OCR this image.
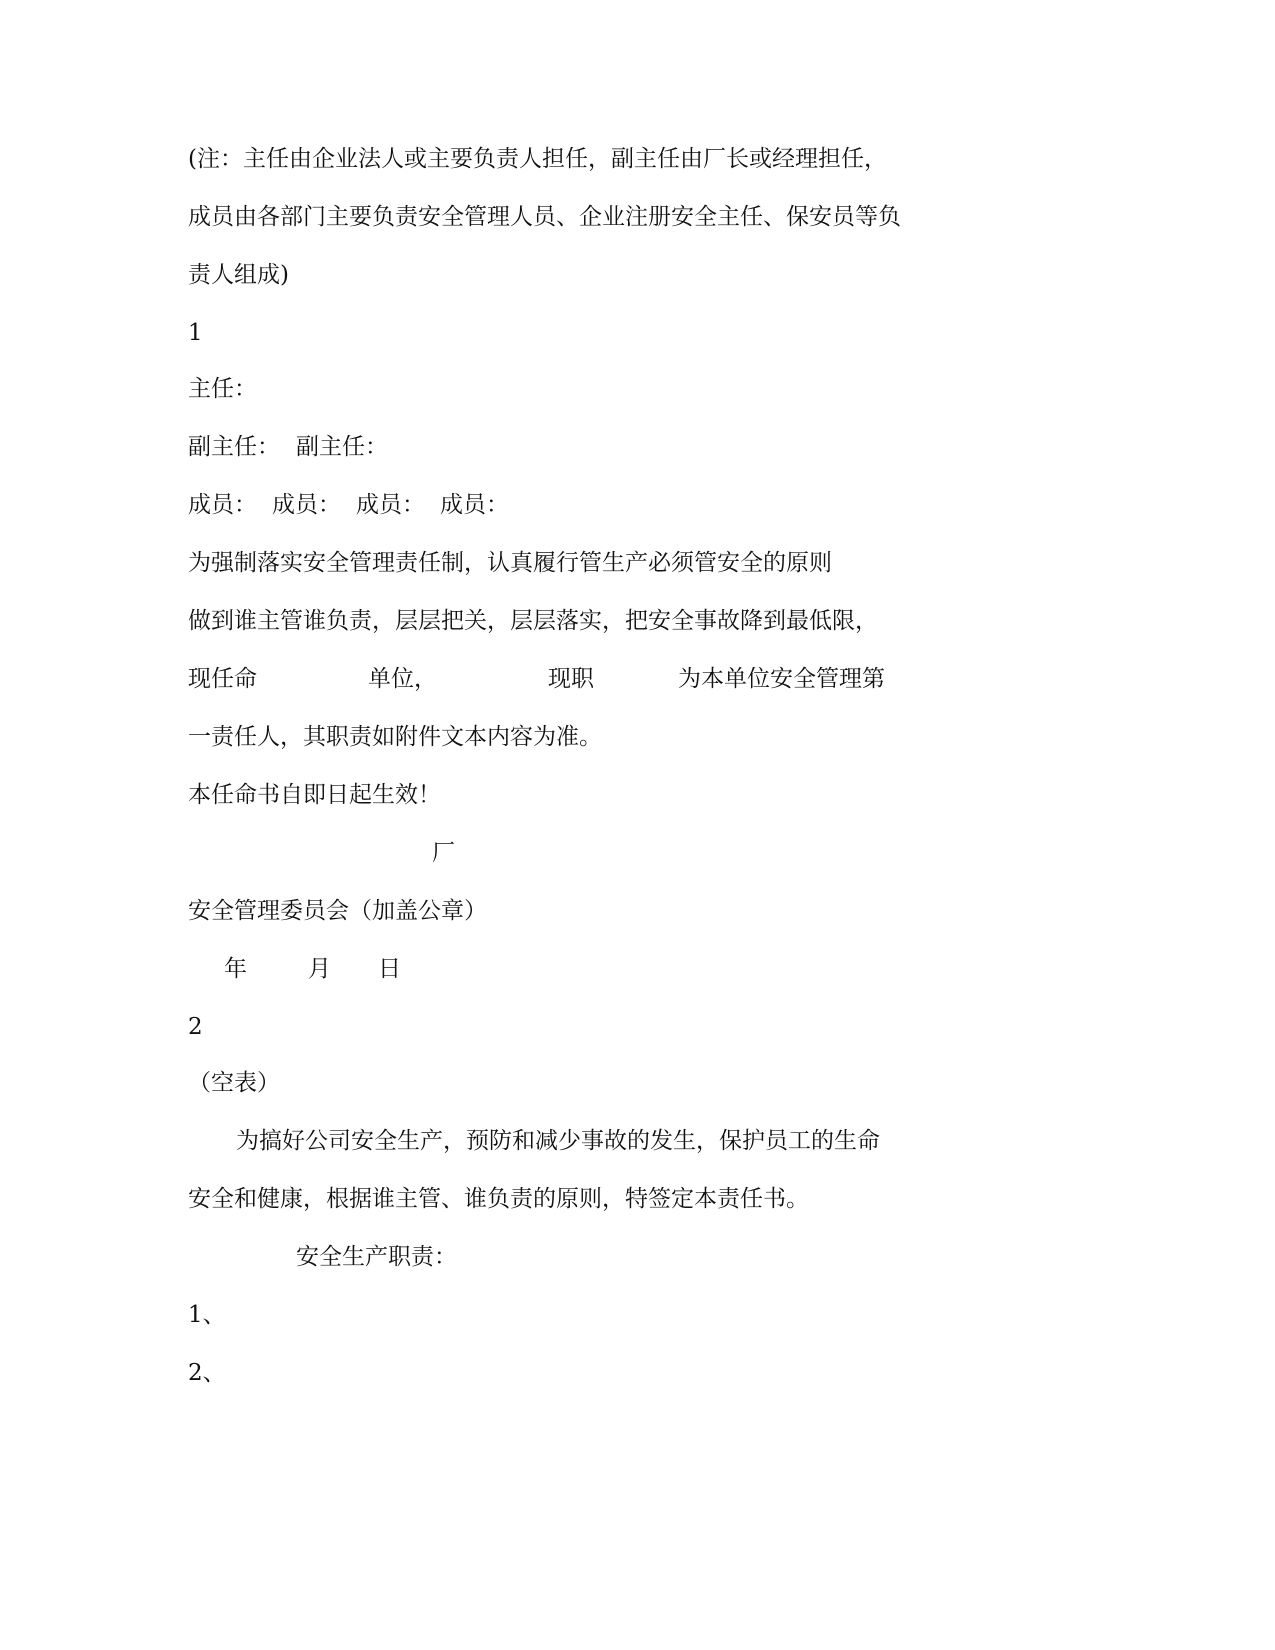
(注：主任由企业法人或主要负责人担任，副主任由厂长或经理担任，
成员由各部门主要负责安全管理人员、企业注册安全主任、保安员等负
责人组成)
1
主任：

副主任：

副主任：

成员：

成员：

成员：

成员：

为强制落实安全管理责任制，认真履行管生产必须管安全的原则
做到谁主管谁负责，层层把关，层层落实，把安全事故降到最低限，

现任命

	单位，

	现职

	为本单位安全管理第

一责任人，其职责如附件文本内容为准。
本任命书自即日起生效！
厂
安全管理委员会（加盖公章）

年

	月

日

2
（空表）
为搞好公司安全生产，预防和减少事故的发生，保护员工的生命
安全和健康，根据谁主管、谁负责的原则，特签定本责任书。
安全生产职责：
1、
2、
